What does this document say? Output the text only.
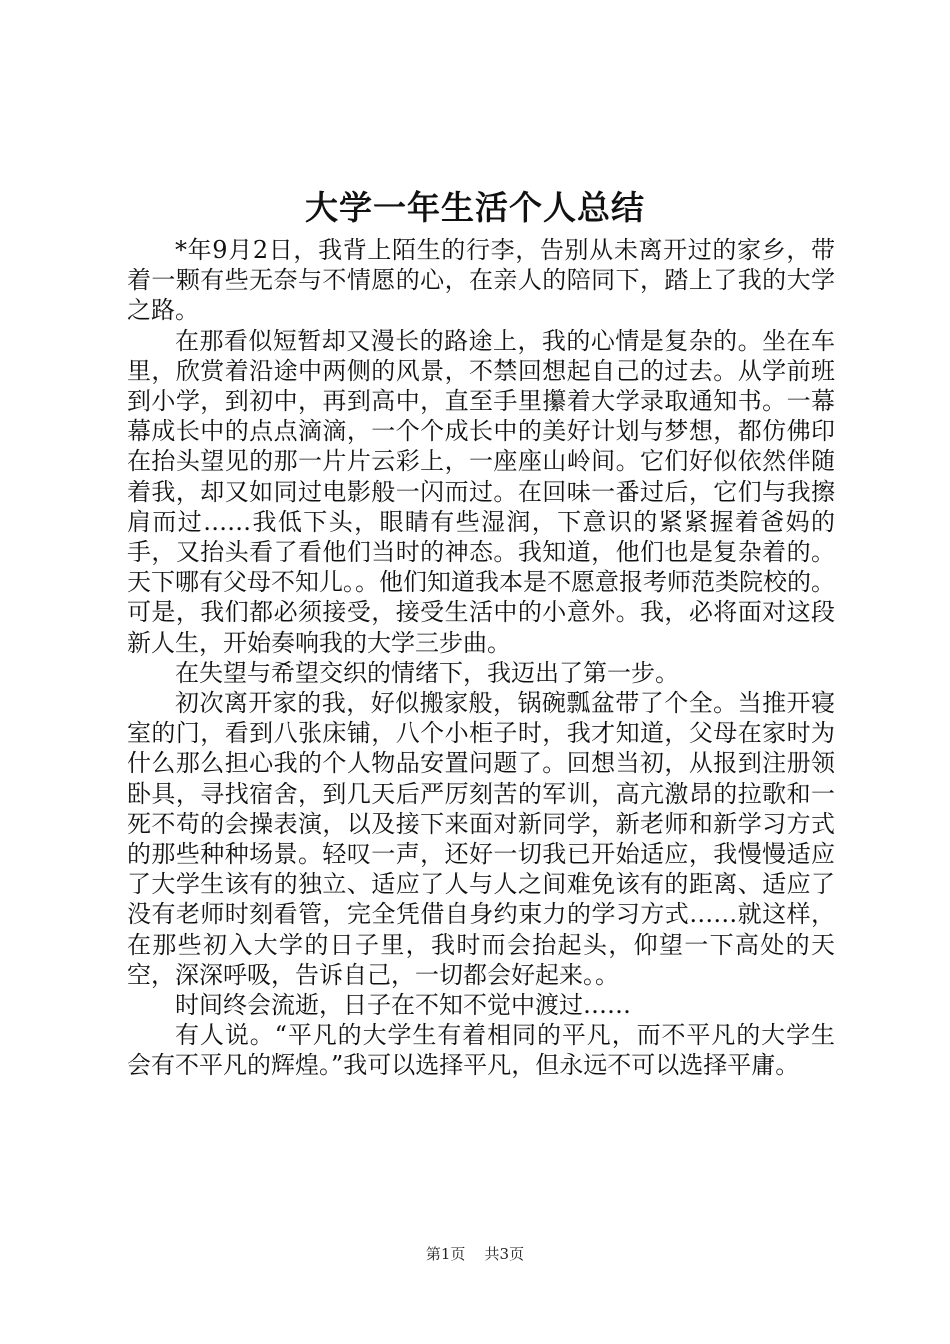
大学一年生活个人总结

*年9月2日，我背上陌生的行李，告别从未离开过的家乡，带着一颗有些无奈与不情愿的心，在亲人的陪同下，踏上了我的大学之路。

在那看似短暂却又漫长的路途上，我的心情是复杂的。坐在车里，欣赏着沿途中两侧的风景，不禁回想起自己的过去。从学前班到小学，到初中，再到高中，直至手里攥着大学录取通知书。一幕幕成长中的点点滴滴，一个个成长中的美好计划与梦想，都仿佛印在抬头望见的那一片片云彩上，一座座山岭间。它们好似依然伴随着我，却又如同过电影般一闪而过。在回味一番过后，它们与我擦肩而过……我低下头，眼睛有些湿润，下意识的紧紧握着爸妈的手，又抬头看了看他们当时的神态。我知道，他们也是复杂着的。天下哪有父母不知儿。。他们知道我本是不愿意报考师范类院校的。可是，我们都必须接受，接受生活中的小意外。我，必将面对这段新人生，开始奏响我的大学三步曲。

在失望与希望交织的情绪下，我迈出了第一步。

初次离开家的我，好似搬家般，锅碗瓢盆带了个全。当推开寝室的门，看到八张床铺，八个小柜子时，我才知道，父母在家时为什么那么担心我的个人物品安置问题了。回想当初，从报到注册领卧具，寻找宿舍，到几天后严厉刻苦的军训，高亢激昂的拉歌和一死不苟的会操表演，以及接下来面对新同学，新老师和新学习方式的那些种种场景。轻叹一声，还好一切我已开始适应，我慢慢适应了大学生该有的独立、适应了人与人之间难免该有的距离、适应了没有老师时刻看管，完全凭借自身约束力的学习方式……就这样，在那些初入大学的日子里，我时而会抬起头，仰望一下高处的天空，深深呼吸，告诉自己，一切都会好起来。。

时间终会流逝，日子在不知不觉中渡过……

有人说。“平凡的大学生有着相同的平凡，而不平凡的大学生会有不平凡的辉煌。”我可以选择平凡，但永远不可以选择平庸。

第1页 共3页
